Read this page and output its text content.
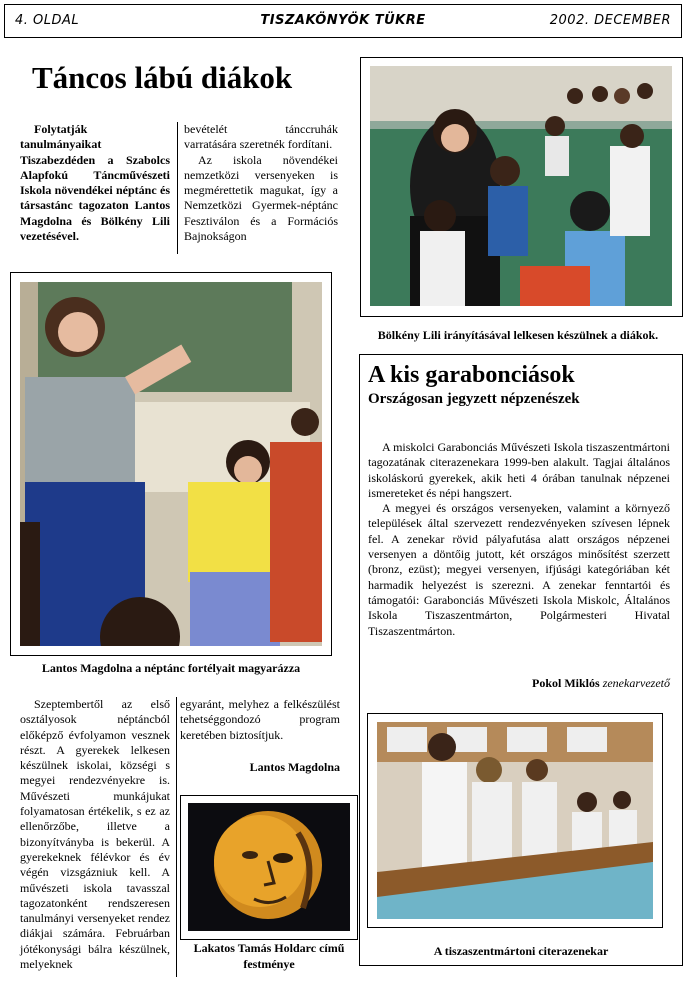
4. OLDAL	TISZAKÖNYÖK TÜKRE	2002. DECEMBER
Táncos lábú diákok

Folytatják tanulmányaikat Tiszabezdéden a Szabolcs Alapfokú Táncművészeti Iskola növendékei néptánc és társastánc tagozaton Lantos Magdolna és Bölkény Lili vezetésével.

bevételét tánccruhák varratására szeretnék fordítani.

Az iskola növendékei nemzetközi versenyeken is megmérettetik magukat, így a Nemzetközi Gyermek-néptánc Fesztiválon és a Formációs Bajnokságon

Bölkény Lili irányításával lelkesen készülnek a diákok.
Lantos Magdolna a néptánc fortélyait magyarázza

Szeptembertől az első osztályosok néptáncból előképző évfolyamon vesznek részt. A gyerekek lelkesen készülnek iskolai, községi s megyei rendezvényekre is. Művészeti munkájukat folyamatosan értékelik, s ez az ellenőrzőbe, illetve a bizonyítványba is bekerül. A gyerekeknek félévkor és év végén vizsgázniuk kell. A művészeti iskola tavasszal tagozatonként rendszeresen tanulmányi versenyeket rendez diákjai számára. Februárban jótékonysági bálra készülnek, melyeknek

egyaránt, melyhez a felkészülést tehetséggondozó program keretében biztosítjuk.

Lantos Magdolna
Lakatos Tamás Holdarc című festménye
A kis garabonciások
Országosan jegyzett népzenészek

A miskolci Garabonciás Művészeti Iskola tiszaszentmártoni tagozatának citerazenekara 1999-ben alakult. Tagjai általános iskoláskorú gyerekek, akik heti 4 órában tanulnak népzenei ismereteket és népi hangszert.

A megyei és országos versenyeken, valamint a környező települések által szervezett rendezvényeken szívesen lépnek fel. A zenekar rövid pályafutása alatt országos népzenei versenyen a döntőig jutott, két országos minősítést szerzett (bronz, ezüst); megyei versenyen, ifjúsági kategóriában két harmadik helyezést is szerezni. A zenekar fenntartói és támogatói: Garabonciás Művészeti Iskola Miskolc, Általános Iskola Tiszaszentmárton, Polgármesteri Hivatal Tiszaszentmárton.

Pokol Miklós zenekarvezető
A tiszaszentmártoni citerazenekar
